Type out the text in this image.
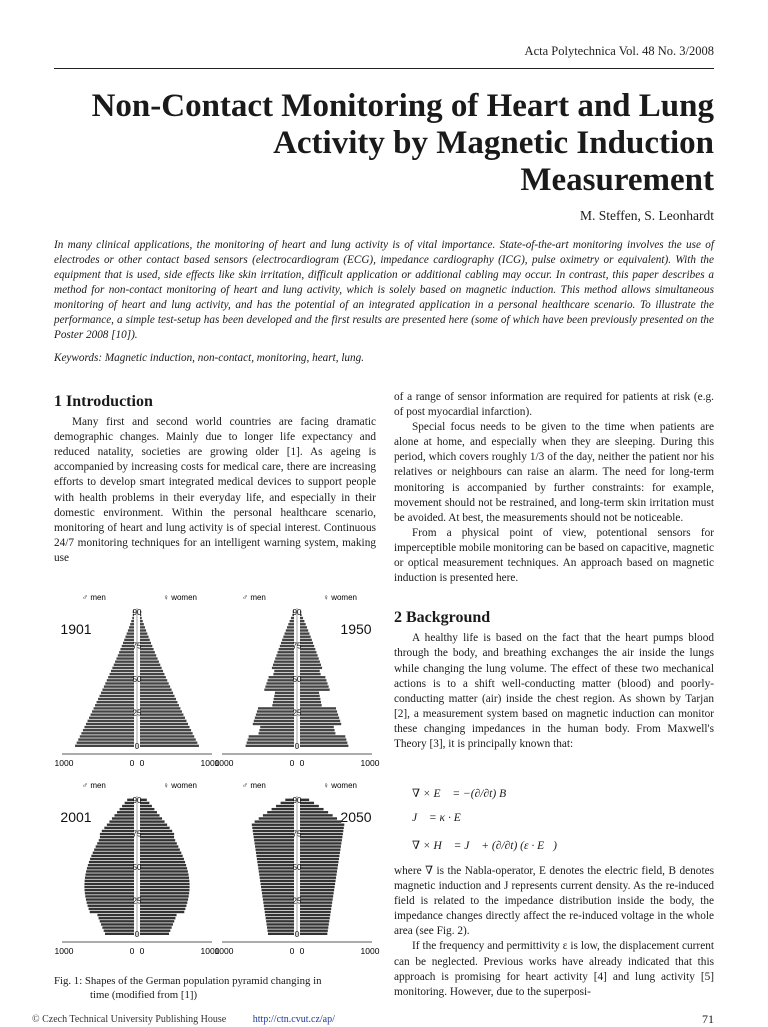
Acta Polytechnica Vol. 48 No. 3/2008
Non-Contact Monitoring of Heart and Lung Activity by Magnetic Induction Measurement
M. Steffen, S. Leonhardt

In many clinical applications, the monitoring of heart and lung activity is of vital importance. State-of-the-art monitoring involves the use of electrodes or other contact based sensors (electrocardiogram (ECG), impedance cardiography (ICG), pulse oximetry or equivalent). With the equipment that is used, side effects like skin irritation, difficult application or additional cabling may occur. In contrast, this paper describes a method for non-contact monitoring of heart and lung activity, which is solely based on magnetic induction. This method allows simultaneous monitoring of heart and lung activity, and has the potential of an integrated application in a personal healthcare scenario. To illustrate the performance, a simple test-setup has been developed and the first results are presented here (some of which have been previously presented on the Poster 2008 [10]).

Keywords: Magnetic induction, non-contact, monitoring, heart, lung.
1 Introduction

Many first and second world countries are facing dramatic demographic changes. Mainly due to longer life expectancy and reduced natality, societies are growing older [1]. As ageing is accompanied by increasing costs for medical care, there are increasing efforts to develop smart integrated medical devices to support people with health problems in their everyday life, and especially in their domestic environment. Within the personal healthcare scenario, monitoring of heart and lung activity is of special interest. Continuous 24/7 monitoring techniques for an intelligent warning system, making use

90
75
50
25
0
1000	0 0	1000
♂ men	♀ women
1901
90
75
50
25
0
1000	0 0	1000
♂ men	♀ women
1950
90
75
50
25
0
1000	0 0	1000
♂ men	♀ women
2001
90
75
50
25
0
1000	0 0	1000
♂ men	♀ women
2050
Fig. 1: Shapes of the German population pyramid changing in
time (modified from [1])

of a range of sensor information are required for patients at risk (e.g. of post myocardial infarction).

Special focus needs to be given to the time when patients are alone at home, and especially when they are sleeping. During this period, which covers roughly 1/3 of the day, neither the patient nor his relatives or neighbours can raise an alarm. The need for long-term monitoring is accompanied by further constraints: for example, movement should not be restrained, and long-term skin irritation must be avoided. At best, the measurements should not be noticeable.

From a physical point of view, potentional sensors for imperceptible mobile monitoring can be based on capacitive, magnetic or optical measurement techniques. An approach based on magnetic induction is presented here.

2 Background

A healthy life is based on the fact that the heart pumps blood through the body, and breathing exchanges the air inside the lungs while changing the lung volume. The effect of these two mechanical actions is to a shift well-conducting matter (blood) and poorly-conducting matter (air) inside the chest region. As shown by Tarjan [2], a measurement system based on magnetic induction can monitor these changing impedances in the human body. From Maxwell's Theory [3], it is principally known that:

∇ × E⃗ = −(∂/∂t) B⃗
J⃗ = κ · E⃗
∇ × H⃗ = J⃗ + (∂/∂t) (ε · E⃗)

where ∇ is the Nabla-operator, E denotes the electric field, B denotes magnetic induction and J represents current density. As the re-induced field is related to the impedance distribution inside the body, the impedance changes directly affect the re-induced voltage in the whole area (see Fig. 2).

If the frequency and permittivity ε is low, the displacement current can be neglected. Previous works have already indicated that this approach is promising for heart activity [4] and lung activity [5] monitoring. However, due to the superposi-

© Czech Technical University Publishing House	http://ctn.cvut.cz/ap/	71
